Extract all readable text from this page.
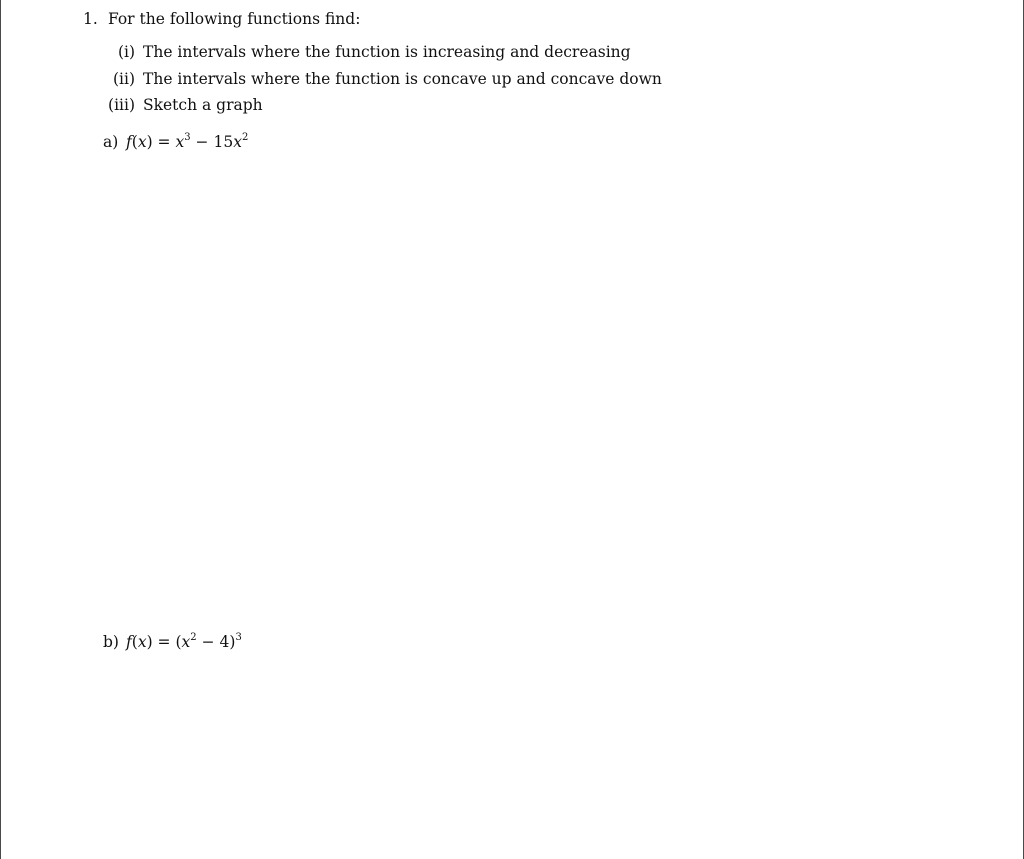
1. For the following functions find:
(i) The intervals where the function is increasing and decreasing
(ii) The intervals where the function is concave up and concave down
(iii) Sketch a graph
a) $f(x) = x^3 - 15x^2$
b) $f(x) = (x^2 - 4)^3$
